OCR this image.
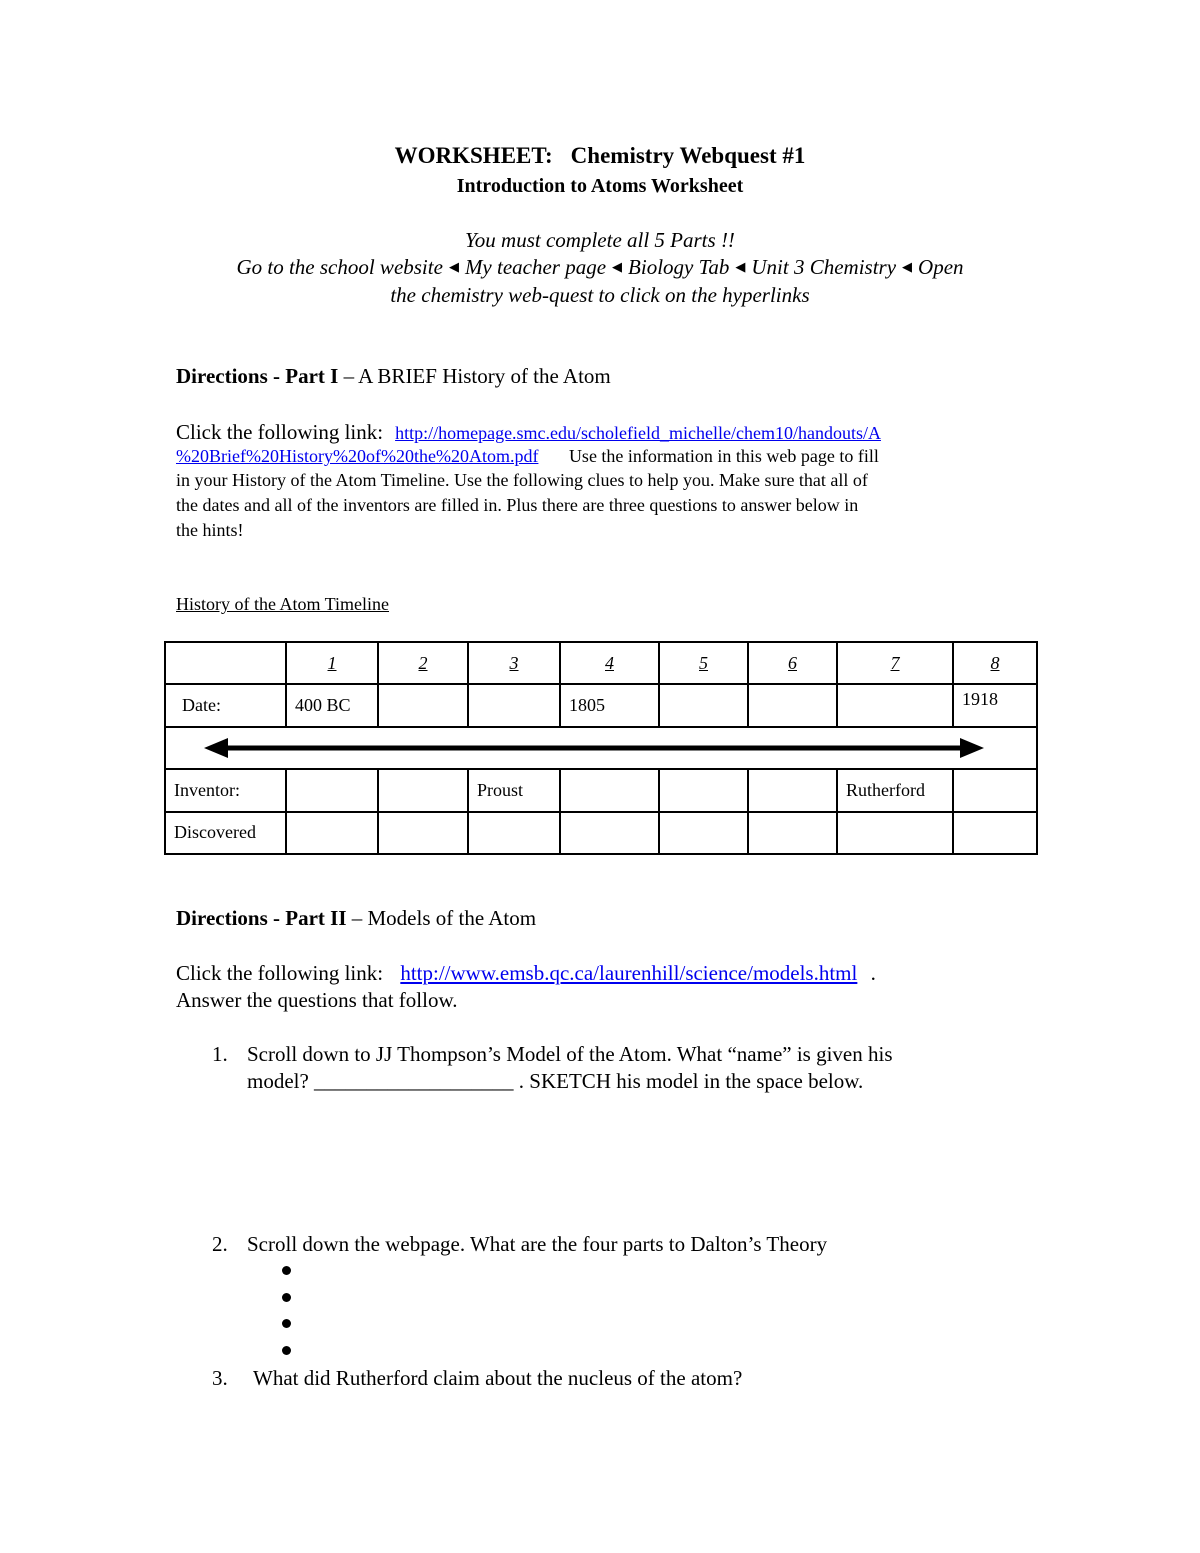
WORKSHEET: Chemistry Webquest #1
Introduction to Atoms Worksheet
You must complete all 5 Parts !!
Go to the school website ◀ My teacher page ◀ Biology Tab ◀ Unit 3 Chemistry ◀ Open
the chemistry web-quest to click on the hyperlinks
Directions - Part I – A BRIEF History of the Atom
Click the following link: http://homepage.smc.edu/scholefield_michelle/chem10/handouts/A
%20Brief%20History%20of%20the%20Atom.pdf Use the information in this web page to fill
in your History of the Atom Timeline. Use the following clues to help you. Make sure that all of
the dates and all of the inventors are filled in. Plus there are three questions to answer below in
the hints!
History of the Atom Timeline
	1	2	3	4	5	6	7	8
Date:	400 BC			1805				1918

Inventor:			Proust				Rutherford	
Discovered								
Directions - Part II – Models of the Atom
Click the following link: http://www.emsb.qc.ca/laurenhill/science/models.html .
Answer the questions that follow.
1. Scroll down to JJ Thompson’s Model of the Atom. What “name” is given his
model? ___________________ . SKETCH his model in the space below.
2. Scroll down the webpage. What are the four parts to Dalton’s Theory
3. What did Rutherford claim about the nucleus of the atom?
